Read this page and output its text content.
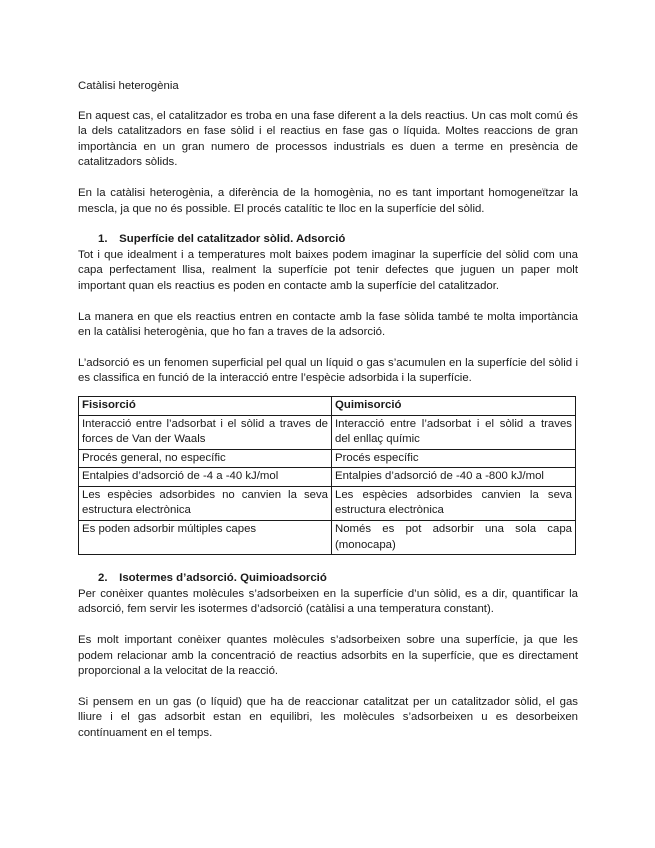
Catàlisi heterogènia

En aquest cas, el catalitzador es troba en una fase diferent a la dels reactius. Un cas molt comú és la dels catalitzadors en fase sòlid i el reactius en fase gas o líquida. Moltes reaccions de gran importància en un gran numero de processos industrials es duen a terme en presència de catalitzadors sòlids.

En la catàlisi heterogènia, a diferència de la homogènia, no es tant important homogeneïtzar la mescla, ja que no és possible. El procés catalític te lloc en la superfície del sòlid.

1. Superfície del catalitzador sòlid. Adsorció

Tot i que idealment i a temperatures molt baixes podem imaginar la superfície del sòlid com una capa perfectament llisa, realment la superfície pot tenir defectes que juguen un paper molt important quan els reactius es poden en contacte amb la superfície del catalitzador.

La manera en que els reactius entren en contacte amb la fase sòlida també te molta importància en la catàlisi heterogènia, que ho fan a traves de la adsorció.

L’adsorció es un fenomen superficial pel qual un líquid o gas s’acumulen en la superfície del sòlid i es classifica en funció de la interacció entre l’espècie adsorbida i la superfície.

Fisisorció	Quimisorció
Interacció entre l’adsorbat i el sòlid a traves de forces de Van der Waals	Interacció entre l’adsorbat i el sòlid a traves del enllaç químic
Procés general, no específic	Procés específic
Entalpies d’adsorció de -4 a -40 kJ/mol	Entalpies d’adsorció de -40 a -800 kJ/mol
Les espècies adsorbides no canvien la seva estructura electrònica	Les espècies adsorbides canvien la seva estructura electrònica
Es poden adsorbir múltiples capes	Només es pot adsorbir una sola capa (monocapa)

2. Isotermes d’adsorció. Quimioadsorció

Per conèixer quantes molècules s’adsorbeixen en la superfície d’un sòlid, es a dir, quantificar la adsorció, fem servir les isotermes d’adsorció (catàlisi a una temperatura constant).

Es molt important conèixer quantes molècules s’adsorbeixen sobre una superfície, ja que les podem relacionar amb la concentració de reactius adsorbits en la superfície, que es directament proporcional a la velocitat de la reacció.

Si pensem en un gas (o líquid) que ha de reaccionar catalitzat per un catalitzador sòlid, el gas lliure i el gas adsorbit estan en equilibri, les molècules s’adsorbeixen u es desorbeixen contínuament en el temps.
